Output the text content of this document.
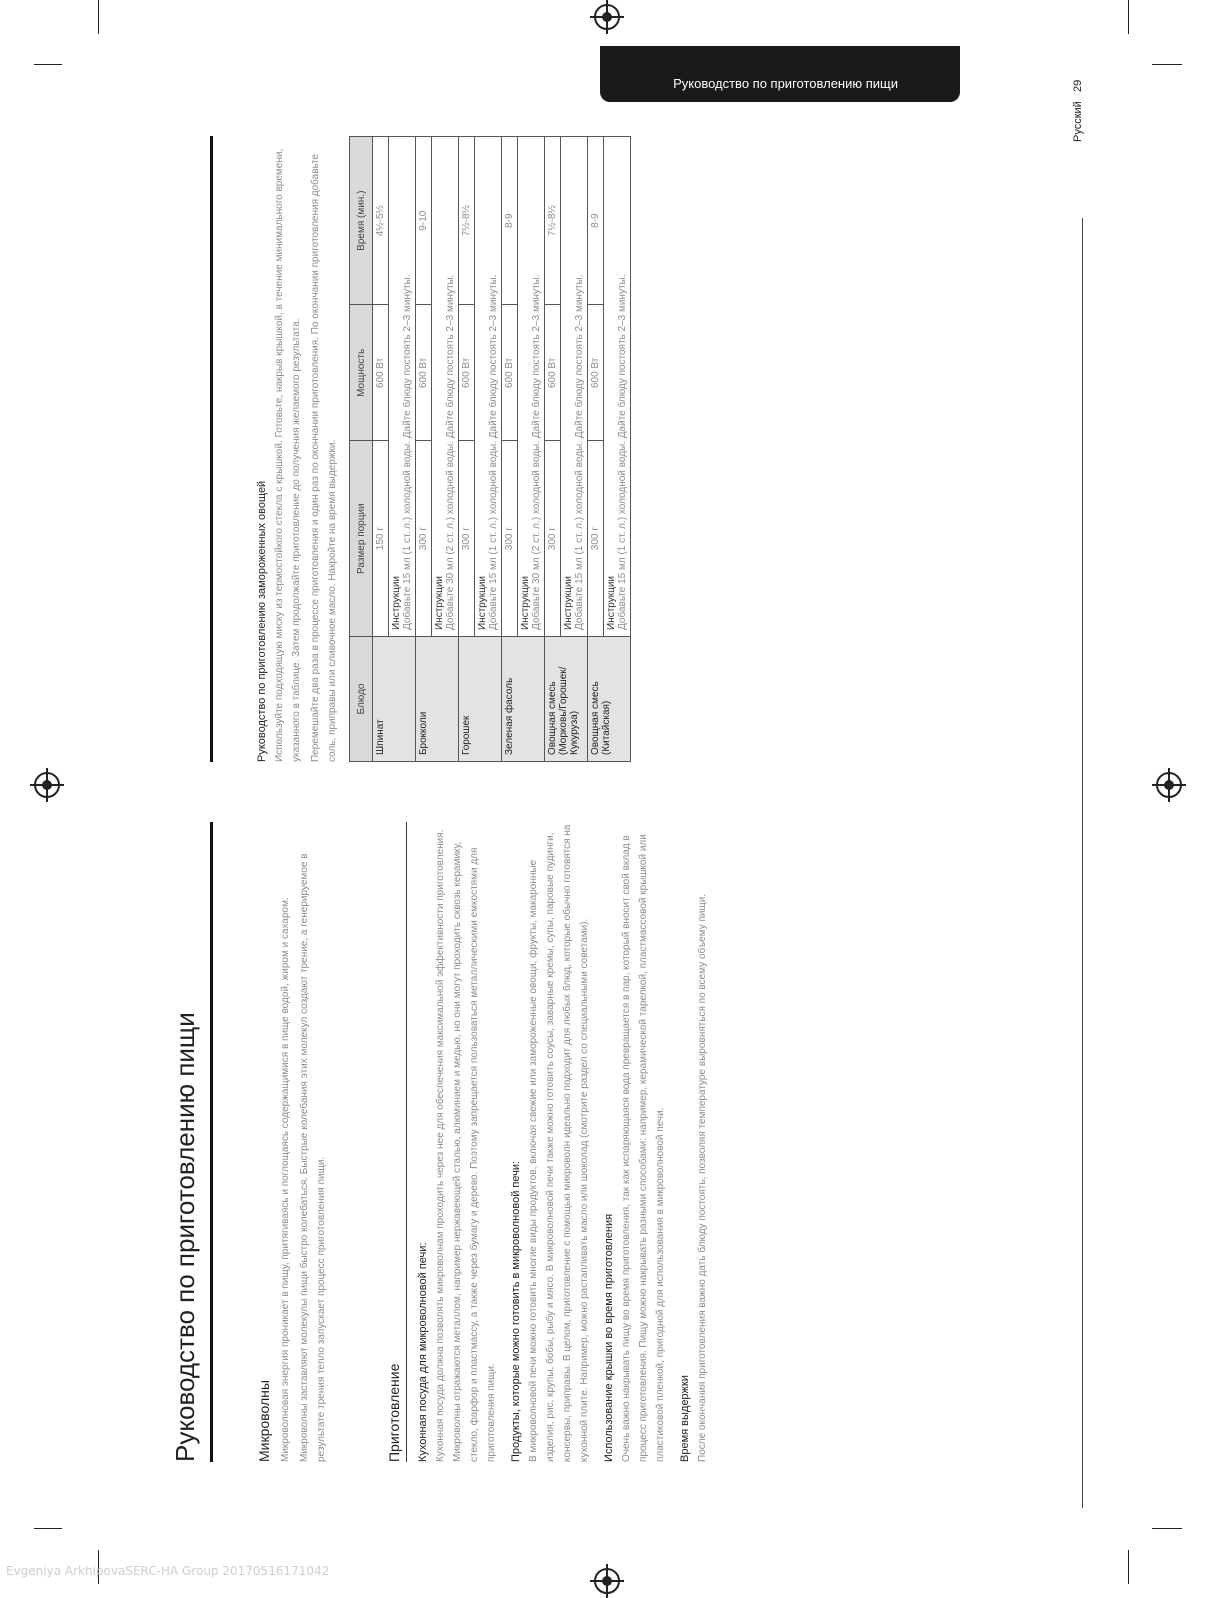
Руководство по приготовлению пищи
Русский   29
Руководство по приготовлению пищи	Микроволны Микроволновая энергия проникает в пищу, притягиваясь и поглощаясь содержащимися в пище водой, жиром и сахаром. Микроволны заставляют молекулы пищи быстро колебаться. Быстрые колебания этих молекул создают трение, а генерируемое в результате трения тепло запускает процесс приготовления пищи.	Приготовление	Кухонная посуда для микроволновой печи: Кухонная посуда должна позволять микроволнам проходить через нее для обеспечения максимальной эффективности приготовления. Микроволны отражаются металлом, например нержавеющей сталью, алюминием и медью, но они могут проходить сквозь керамику, стекло, фарфор и пластмассу, а также через бумагу и дерево. Поэтому запрещается пользоваться металлическими емкостями для приготовления пищи. Продукты, которые можно готовить в микроволновой печи: В микроволновой печи можно готовить многие виды продуктов, включая свежие или замороженные овощи, фрукты, макаронные изделия, рис, крупы, бобы, рыбу и мясо. В микроволновой печи также можно готовить соусы, заварные кремы, супы, паровые пудинги, консервы, приправы. В целом, приготовление с помощью микроволн идеально подходит для любых блюд, которые обычно готовятся на кухонной плите. Например, можно растапливать масло или шоколад (смотрите раздел со специальными советами). Использование крышки во время приготовления Очень важно накрывать пищу во время приготовления, так как испаряющаяся вода превращается в пар, который вносит свой вклад в процесс приготовления. Пищу можно накрывать разными способами: например, керамической тарелкой, пластмассовой крышкой или пластиковой пленкой, пригодной для использования в микроволновой печи. Время выдержки После окончания приготовления важно дать блюду постоять, позволяя температуре выровняться по всему объему пищи.

Руководство по приготовлению замороженных овощей Используйте подходящую миску из термостойкого стекла с крышкой. Готовьте, накрыв крышкой, в течение минимального времени, указанного в таблице. Затем продолжайте приготовление до получения желаемого результата. Перемешайте два раза в процессе приготовления и один раз по окончании приготовления. По окончании приготовления добавьте соль, приправы или сливочное масло. Накройте на время выдержки.	Блюдо	Размер порции	Мощность	Время (мин.)
Шпинат	150 г	600 Вт	4½-5½

	Инструкции Добавьте 15 мл (1 ст. л.) холодной воды. Дайте блюду постоять 2–3 минуты.		
Брокколи	300 г	600 Вт	9-10

	Инструкции Добавьте 30 мл (2 ст. л.) холодной воды. Дайте блюду постоять 2–3 минуты.		
Горошек	300 г	600 Вт	7½-8½

	Инструкции Добавьте 15 мл (1 ст. л.) холодной воды. Дайте блюду постоять 2–3 минуты.		
Зеленая фасоль	300 г	600 Вт	8-9

	Инструкции Добавьте 30 мл (2 ст. л.) холодной воды. Дайте блюду постоять 2–3 минуты.		
Овощная смесь (Морковь/Горошек/ Кукуруза)	300 г	600 Вт	7½-8½

	Инструкции Добавьте 15 мл (1 ст. л.) холодной воды. Дайте блюду постоять 2–3 минуты.		
Овощная смесь (Китайская)	300 г	600 Вт	8-9

	Инструкции Добавьте 15 мл (1 ст. л.) холодной воды. Дайте блюду постоять 2–3 минуты.		
Evgeniya ArkhipovaSERC-HA Group 20170516171042
